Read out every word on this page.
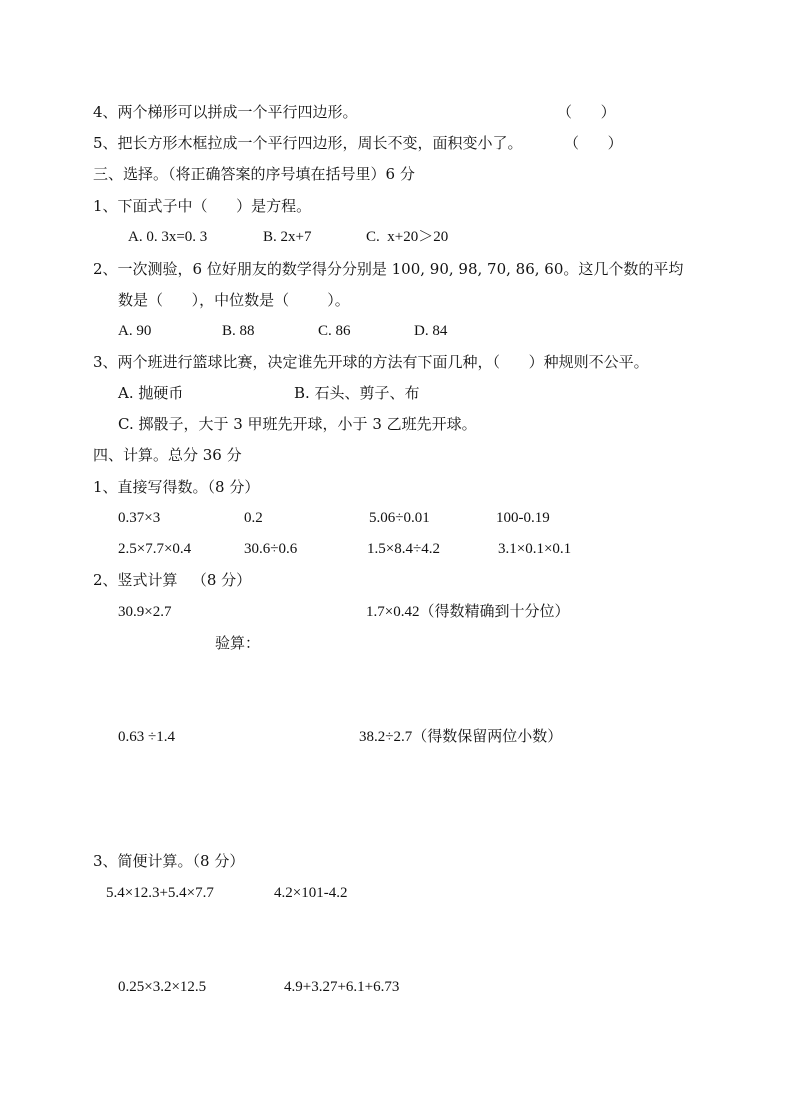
4、两个梯形可以拼成一个平行四边形。	（      ）
5、把长方形木框拉成一个平行四边形，周长不变，面积变小了。	（      ）
三、选择。（将正确答案的序号填在括号里）6 分
1、下面式子中（      ）是方程。
A. 0. 3x=0. 3	B. 2x+7	C.  x+20＞20
2、一次测验，6 位好朋友的数学得分分别是 100, 90, 98, 70, 86, 60。这几个数的平均
数是（      ），中位数是（        ）。
A. 90	B. 88	C. 86	D. 84
3、两个班进行篮球比赛，决定谁先开球的方法有下面几种，（      ）种规则不公平。
A. 抛硬币	B. 石头、剪子、布
C. 掷骰子，大于 3 甲班先开球，小于 3 乙班先开球。
四、计算。总分 36 分
1、直接写得数。（8 分）
0.37×3	0.2	5.06÷0.01	100-0.19
2.5×7.7×0.4	30.6÷0.6	1.5×8.4÷4.2	3.1×0.1×0.1
2、竖式计算   （8 分）
30.9×2.7	1.7×0.42（得数精确到十分位）
验算：
0.63 ÷1.4	38.2÷2.7（得数保留两位小数）
3、简便计算。（8 分）
5.4×12.3+5.4×7.7	4.2×101-4.2
0.25×3.2×12.5	4.9+3.27+6.1+6.73
